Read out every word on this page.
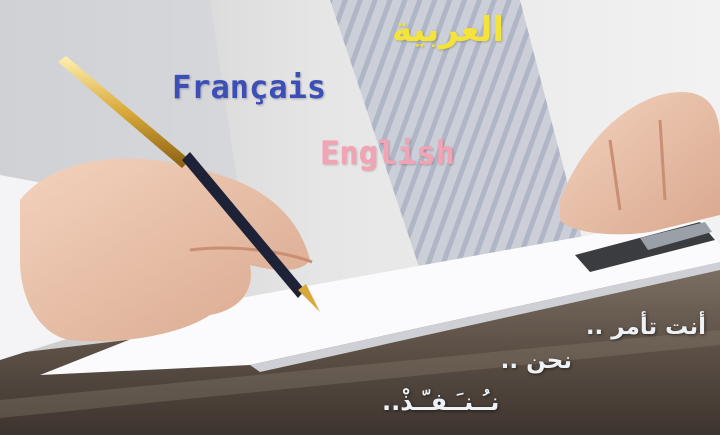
العربية
Français
English
أنت تأمر ..
نحن ..
نـُـنـَـفـّـذْ..
